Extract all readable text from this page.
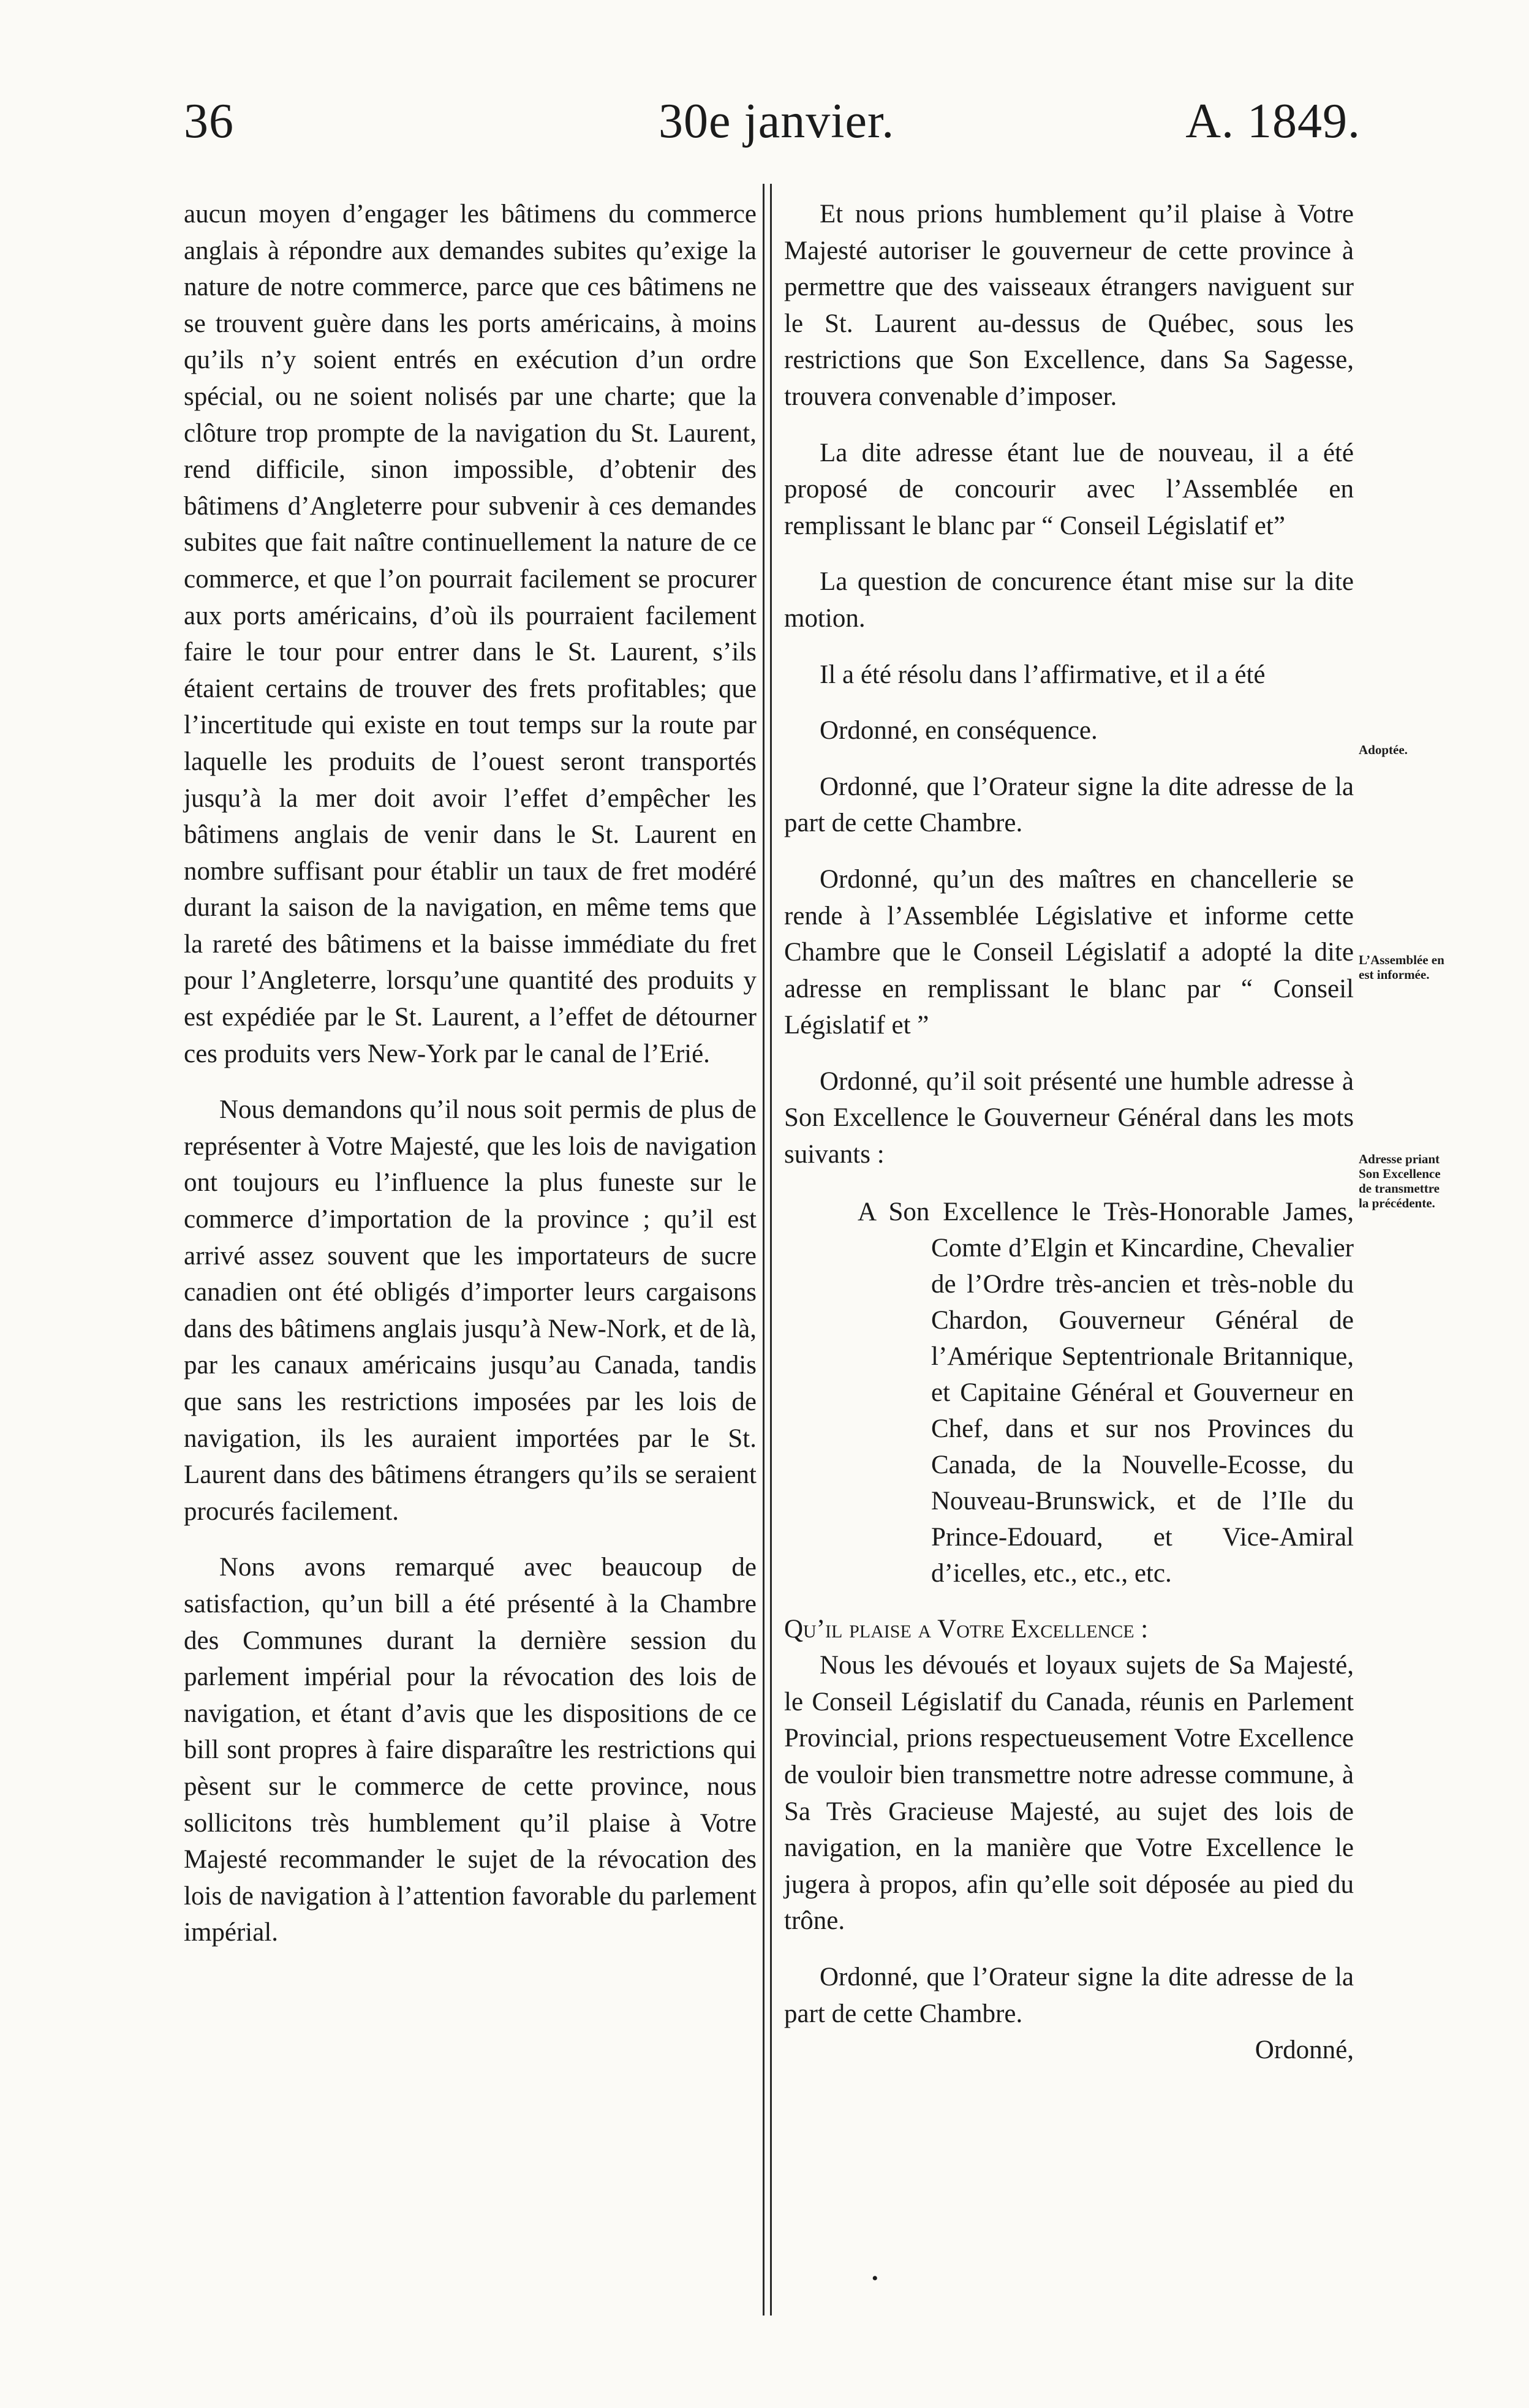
36	30e janvier.	A. 1849.

aucun moyen d’engager les bâtimens du commerce anglais à répondre aux demandes subites qu’exige la nature de notre commerce, parce que ces bâtimens ne se trouvent guère dans les ports américains, à moins qu’ils n’y soient entrés en exécution d’un ordre spécial, ou ne soient nolisés par une charte; que la clôture trop prompte de la navigation du St. Laurent, rend difficile, sinon impossible, d’obtenir des bâtimens d’Angleterre pour subvenir à ces demandes subites que fait naître continuellement la nature de ce commerce, et que l’on pourrait facilement se procurer aux ports américains, d’où ils pourraient facilement faire le tour pour entrer dans le St. Laurent, s’ils étaient certains de trouver des frets profitables; que l’incertitude qui existe en tout temps sur la route par laquelle les produits de l’ouest seront transportés jusqu’à la mer doit avoir l’effet d’empêcher les bâtimens anglais de venir dans le St. Laurent en nombre suffisant pour établir un taux de fret modéré durant la saison de la navigation, en même tems que la rareté des bâtimens et la baisse immédiate du fret pour l’Angleterre, lorsqu’une quantité des produits y est expédiée par le St. Laurent, a l’effet de détourner ces produits vers New-York par le canal de l’Erié.

Nous demandons qu’il nous soit permis de plus de représenter à Votre Majesté, que les lois de navigation ont toujours eu l’influence la plus funeste sur le commerce d’importation de la province ; qu’il est arrivé assez souvent que les importateurs de sucre canadien ont été obligés d’importer leurs cargaisons dans des bâtimens anglais jusqu’à New-Nork, et de là, par les canaux américains jusqu’au Canada, tandis que sans les restrictions imposées par les lois de navigation, ils les auraient importées par le St. Laurent dans des bâtimens étrangers qu’ils se seraient procurés facilement.

Nons avons remarqué avec beaucoup de satisfaction, qu’un bill a été présenté à la Chambre des Communes durant la dernière session du parlement impérial pour la révocation des lois de navigation, et étant d’avis que les dispositions de ce bill sont propres à faire disparaître les restrictions qui pèsent sur le commerce de cette province, nous sollicitons très humblement qu’il plaise à Votre Majesté recommander le sujet de la révocation des lois de navigation à l’attention favorable du parlement impérial.

Et nous prions humblement qu’il plaise à Votre Majesté autoriser le gouverneur de cette province à permettre que des vaisseaux étrangers naviguent sur le St. Laurent au-dessus de Québec, sous les restrictions que Son Excellence, dans Sa Sagesse, trouvera convenable d’imposer.

La dite adresse étant lue de nouveau, il a été proposé de concourir avec l’Assemblée en remplissant le blanc par “ Conseil Législatif et”

La question de concurence étant mise sur la dite motion.

Il a été résolu dans l’affirmative, et il a été

Ordonné, en conséquence.

Ordonné, que l’Orateur signe la dite adresse de la part de cette Chambre.

Ordonné, qu’un des maîtres en chancellerie se rende à l’Assemblée Législative et informe cette Chambre que le Conseil Législatif a adopté la dite adresse en remplissant le blanc par “ Conseil Législatif et ”

Ordonné, qu’il soit présenté une humble adresse à Son Excellence le Gouverneur Général dans les mots suivants :

A Son Excellence le Très-Honorable James, Comte d’Elgin et Kincardine, Chevalier de l’Ordre très-ancien et très-noble du Chardon, Gouverneur Général de l’Amérique Septentrionale Britannique, et Capitaine Général et Gouverneur en Chef, dans et sur nos Provinces du Canada, de la Nouvelle-Ecosse, du Nouveau-Brunswick, et de l’Ile du Prince-Edouard, et Vice-Amiral d’icelles, etc., etc., etc.

Qu’il plaise a Votre Excellence :

Nous les dévoués et loyaux sujets de Sa Majesté, le Conseil Législatif du Canada, réunis en Parlement Provincial, prions respectueusement Votre Excellence de vouloir bien transmettre notre adresse commune, à Sa Très Gracieuse Majesté, au sujet des lois de navigation, en la manière que Votre Excellence le jugera à propos, afin qu’elle soit déposée au pied du trône.

Ordonné, que l’Orateur signe la dite adresse de la part de cette Chambre.

Ordonné,

Adoptée.
L’Assemblée en est informée.
Adresse priant Son Excellence de transmettre la précédente.
•
